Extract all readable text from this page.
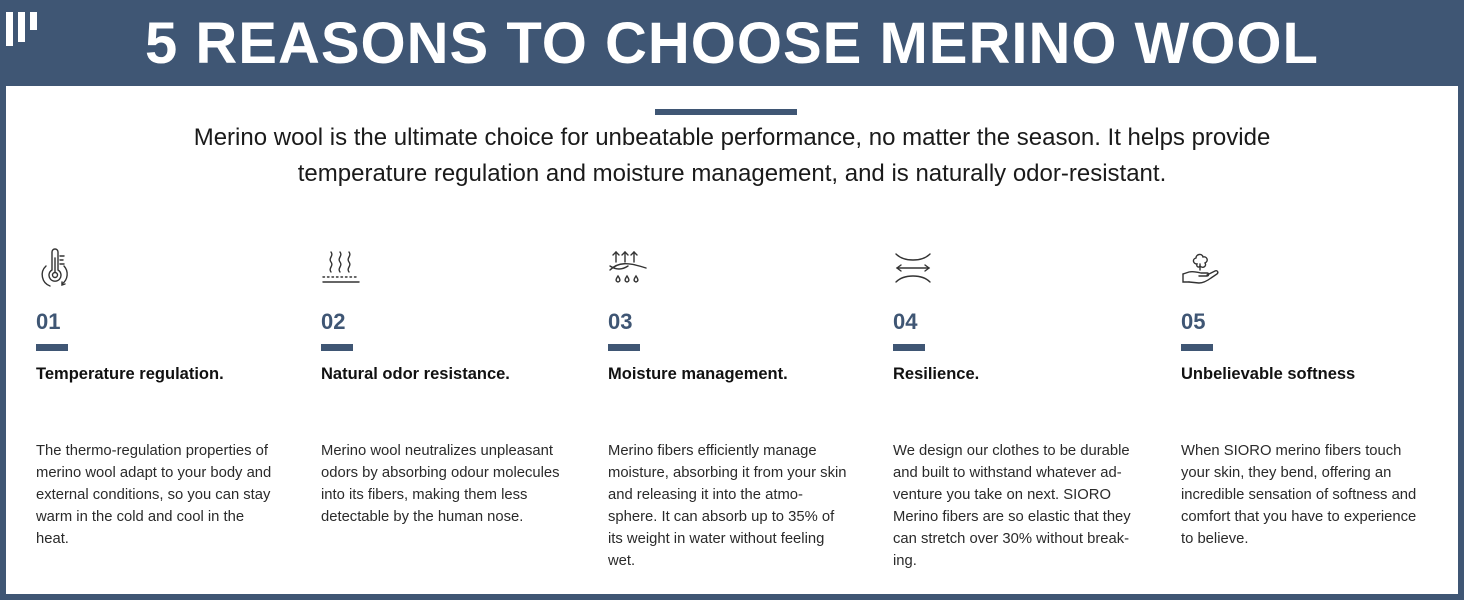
5 REASONS TO CHOOSE MERINO WOOL
Merino wool is the ultimate choice for unbeatable performance, no matter the season. It helps provide temperature regulation and moisture management, and is naturally odor-resistant.
01
Temperature regulation.
The thermo-regulation properties of
merino wool adapt to your body and
external conditions, so you can stay
warm in the cold and cool in the
heat.
02
Natural odor resistance.
Merino wool neutralizes unpleasant
odors by absorbing odour molecules
into its fibers, making them less
detectable by the human nose.
03
Moisture management.
Merino fibers efficiently manage
moisture, absorbing it from your skin
and releasing it into the atmo-
sphere. It can absorb up to 35% of
its weight in water without feeling
wet.
04
Resilience.
We design our clothes to be durable
and built to withstand whatever ad-
venture you take on next. SIORO
Merino fibers are so elastic that they
can stretch over 30% without break-
ing.
05
Unbelievable softness
When SIORO merino fibers touch
your skin, they bend, offering an
incredible sensation of softness and
comfort that you have to experience
to believe.
